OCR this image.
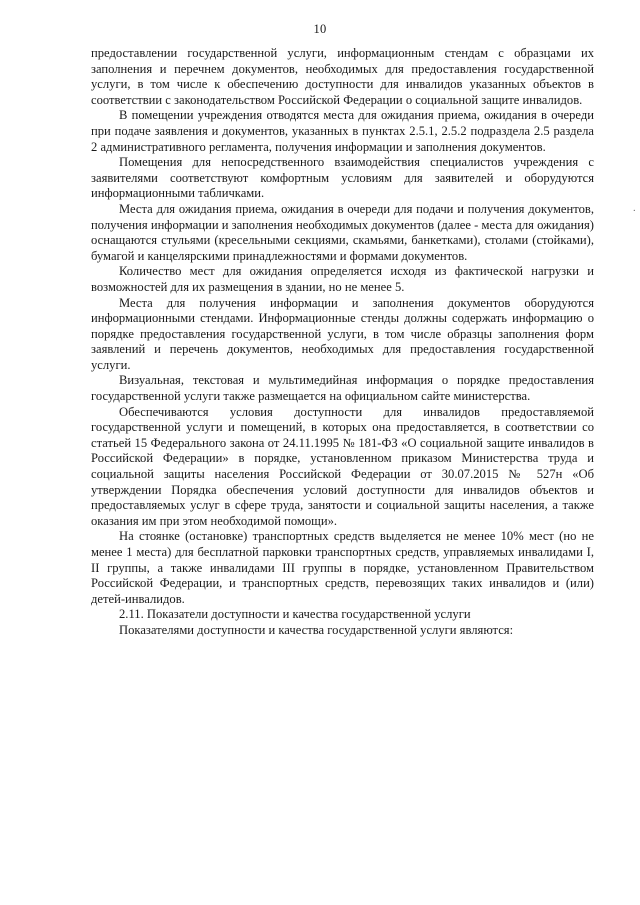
10

предоставлении государственной услуги, информационным стендам с образцами их заполнения и перечнем документов, необходимых для предоставления государственной услуги, в том числе к обеспечению доступности для инвалидов указанных объектов в соответствии с законодательством Российской Федерации о социальной защите инвалидов.

В помещении учреждения отводятся места для ожидания приема, ожидания в очереди при подаче заявления и документов, указанных в пунктах 2.5.1, 2.5.2 подраздела 2.5 раздела 2 административного регламента, получения информации и заполнения документов.

Помещения для непосредственного взаимодействия специалистов учреждения с заявителями соответствуют комфортным условиям для заявителей и оборудуются информационными табличками.

Места для ожидания приема, ожидания в очереди для подачи и получения документов, получения информации и заполнения необходимых документов (далее - места для ожидания) оснащаются стульями (кресельными секциями, скамьями, банкетками), столами (стойками), бумагой и канцелярскими принадлежностями и формами документов.

Количество мест для ожидания определяется исходя из фактической нагрузки и возможностей для их размещения в здании, но не менее 5.

Места для получения информации и заполнения документов оборудуются информационными стендами. Информационные стенды должны содержать информацию о порядке предоставления государственной услуги, в том числе образцы заполнения форм заявлений и перечень документов, необходимых для предоставления государственной услуги.

Визуальная, текстовая и мультимедийная информация о порядке предоставления государственной услуги также размещается на официальном сайте министерства.

Обеспечиваются условия доступности для инвалидов предоставляемой государственной услуги и помещений, в которых она предоставляется, в соответствии со статьей 15 Федерального закона от 24.11.1995 № 181-ФЗ «О социальной защите инвалидов в Российской Федерации» в порядке, установленном приказом Министерства труда и социальной защиты населения Российской Федерации от 30.07.2015 № 527н «Об утверждении Порядка обеспечения условий доступности для инвалидов объектов и предоставляемых услуг в сфере труда, занятости и социальной защиты населения, а также оказания им при этом необходимой помощи».

На стоянке (остановке) транспортных средств выделяется не менее 10% мест (но не менее 1 места) для бесплатной парковки транспортных средств, управляемых инвалидами I, II группы, а также инвалидами III группы в порядке, установленном Правительством Российской Федерации, и транспортных средств, перевозящих таких инвалидов и (или) детей-инвалидов.

2.11. Показатели доступности и качества государственной услуги

Показателями доступности и качества государственной услуги являются:

·
